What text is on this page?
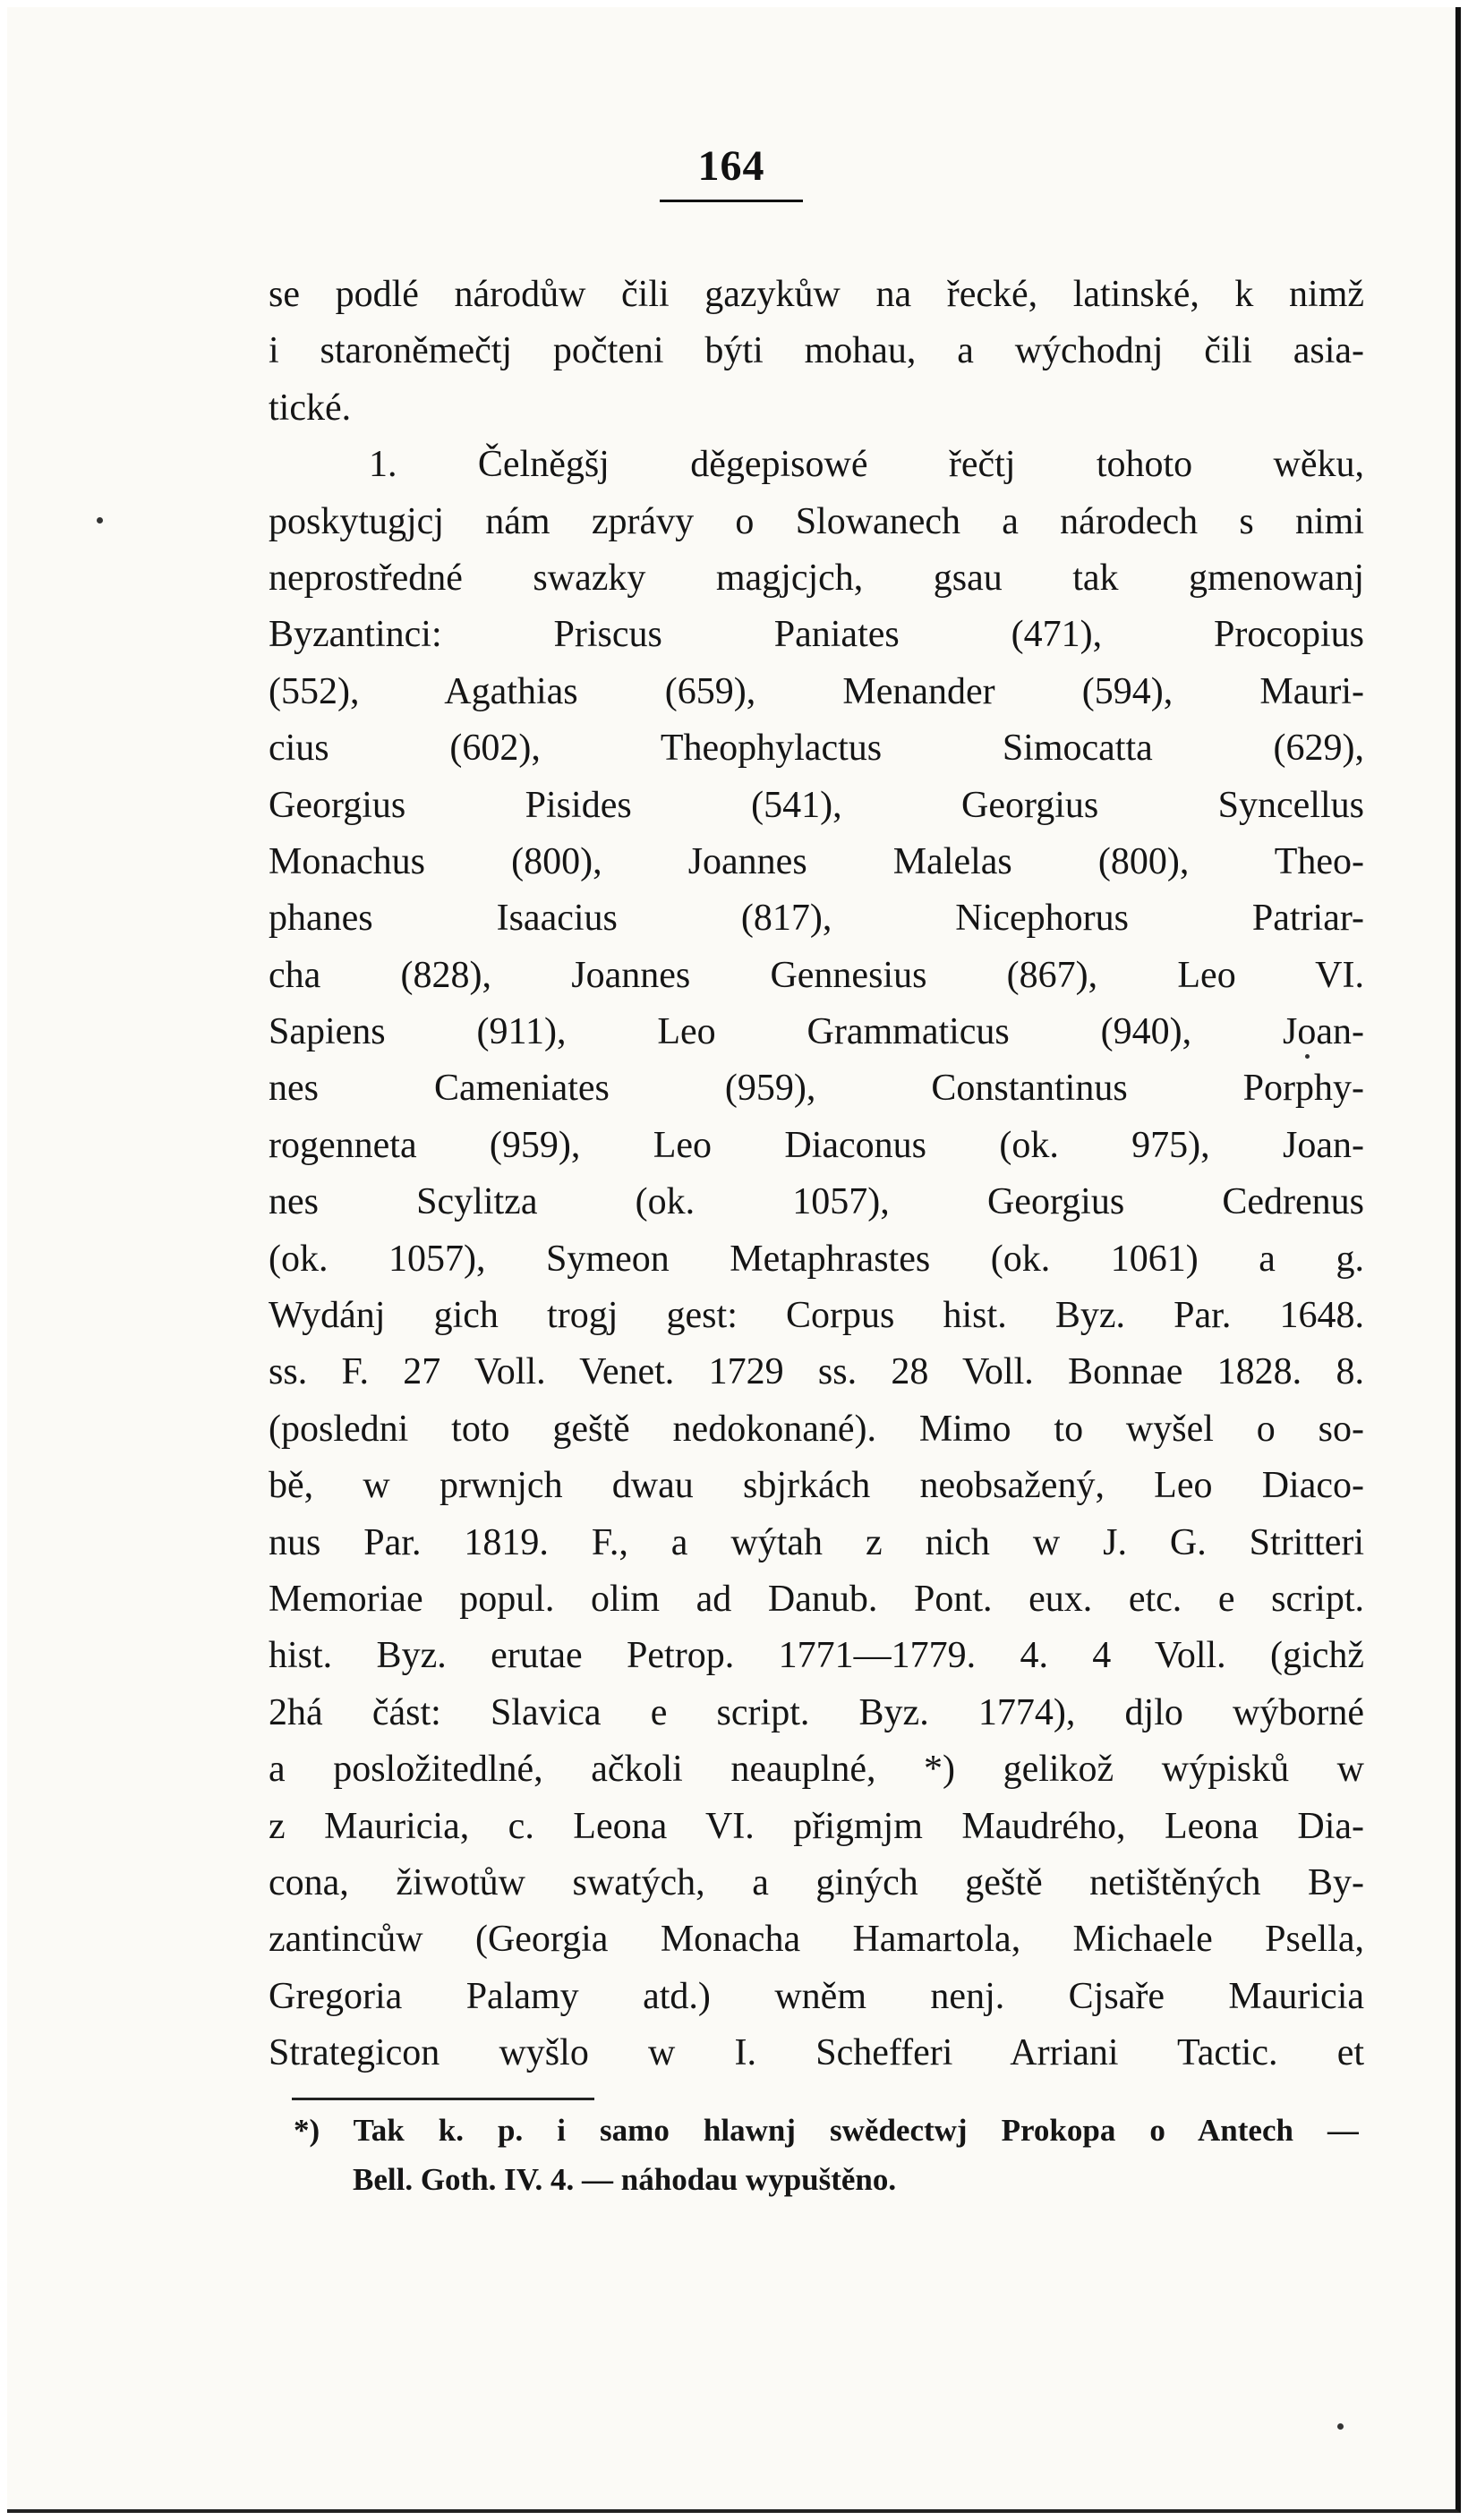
164
se podlé národůw čili gazykůw na řecké, latinské, k nimž
i staroněmečtj počteni býti mohau, a wýchodnj čili asia-
tické.
1. Čelněgšj děgepisowé řečtj tohoto wěku,
poskytugjcj nám zprávy o Slowanech a národech s nimi
neprostředné swazky magjcjch, gsau tak gmenowanj
Byzantinci: Priscus Paniates (471), Procopius
(552), Agathias (659), Menander (594), Mauri-
cius (602), Theophylactus Simocatta (629),
Georgius Pisides (541), Georgius Syncellus
Monachus (800), Joannes Malelas (800), Theo-
phanes Isaacius (817), Nicephorus Patriar-
cha (828), Joannes Gennesius (867), Leo VI.
Sapiens (911), Leo Grammaticus (940), Joan-
nes Cameniates (959), Constantinus Porphy-
rogenneta (959), Leo Diaconus (ok. 975), Joan-
nes Scylitza (ok. 1057), Georgius Cedrenus
(ok. 1057), Symeon Metaphrastes (ok. 1061) a g.
Wydánj gich trogj gest: Corpus hist. Byz. Par. 1648.
ss. F. 27 Voll. Venet. 1729 ss. 28 Voll. Bonnae 1828. 8.
(posledni toto geště nedokonané). Mimo to wyšel o so-
bě, w prwnjch dwau sbjrkách neobsažený, Leo Diaco-
nus Par. 1819. F., a wýtah z nich w J. G. Stritteri
Memoriae popul. olim ad Danub. Pont. eux. etc. e script.
hist. Byz. erutae Petrop. 1771—1779. 4. 4 Voll. (gichž
2há část: Slavica e script. Byz. 1774), djlo wýborné
a posložitedlné, ačkoli neauplné, *) gelikož wýpisků w
z Mauricia, c. Leona VI. přigmjm Maudrého, Leona Dia-
cona, žiwotůw swatých, a giných geště netištěných By-
zantincůw (Georgia Monacha Hamartola, Michaele Psella,
Gregoria Palamy atd.) wněm nenj. Cjsaře Mauricia
Strategicon wyšlo w I. Schefferi Arriani Tactic. et
*) Tak k. p. i samo hlawnj swědectwj Prokopa o Antech —
Bell. Goth. IV. 4. — náhodau wypuštěno.
